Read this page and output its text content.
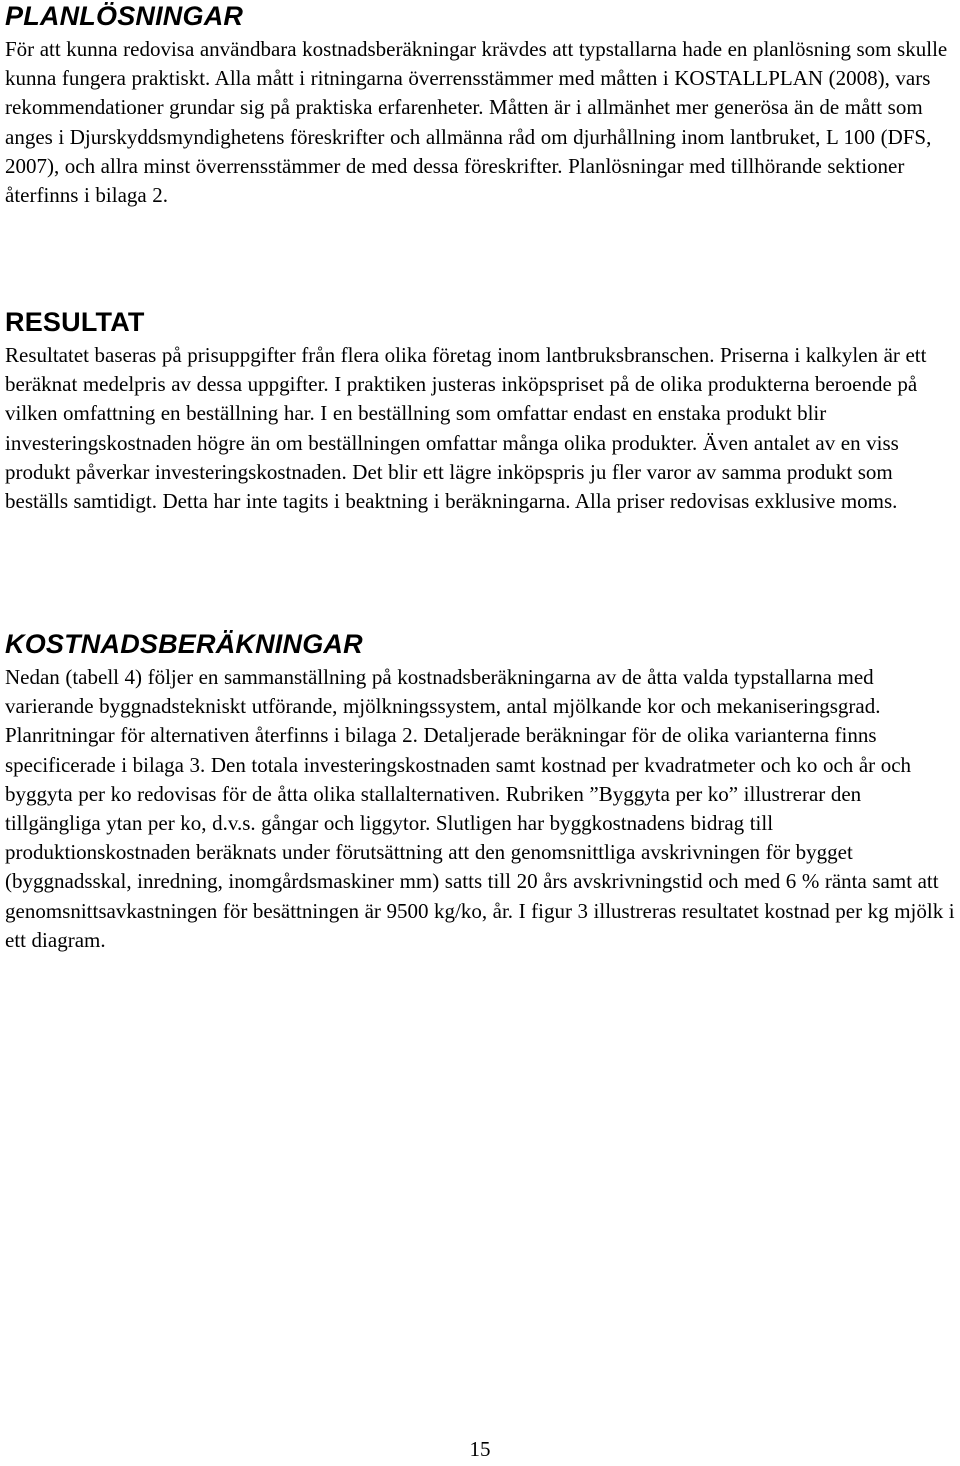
PLANLÖSNINGAR

För att kunna redovisa användbara kostnadsberäkningar krävdes att typstallarna hade en planlösning som skulle kunna fungera praktiskt. Alla mått i ritningarna överrensstämmer med måtten i KOSTALLPLAN (2008), vars rekommendationer grundar sig på praktiska erfarenheter. Måtten är i allmänhet mer generösa än de mått som anges i Djurskyddsmyndighetens föreskrifter och allmänna råd om djurhållning inom lantbruket, L 100 (DFS, 2007), och allra minst överrensstämmer de med dessa föreskrifter. Planlösningar med tillhörande sektioner återfinns i bilaga 2.

RESULTAT

Resultatet baseras på prisuppgifter från flera olika företag inom lantbruksbranschen. Priserna i kalkylen är ett beräknat medelpris av dessa uppgifter. I praktiken justeras inköpspriset på de olika produkterna beroende på vilken omfattning en beställning har. I en beställning som omfattar endast en enstaka produkt blir investeringskostnaden högre än om beställningen omfattar många olika produkter. Även antalet av en viss produkt påverkar investeringskostnaden. Det blir ett lägre inköpspris ju fler varor av samma produkt som beställs samtidigt. Detta har inte tagits i beaktning i beräkningarna. Alla priser redovisas exklusive moms.

KOSTNADSBERÄKNINGAR

Nedan (tabell 4) följer en sammanställning på kostnadsberäkningarna av de åtta valda typstallarna med varierande byggnadstekniskt utförande, mjölkningssystem, antal mjölkande kor och mekaniseringsgrad. Planritningar för alternativen återfinns i bilaga 2. Detaljerade beräkningar för de olika varianterna finns specificerade i bilaga 3. Den totala investeringskostnaden samt kostnad per kvadratmeter och ko och år och byggyta per ko redovisas för de åtta olika stallalternativen. Rubriken ”Byggyta per ko” illustrerar den tillgängliga ytan per ko, d.v.s. gångar och liggytor. Slutligen har byggkostnadens bidrag till produktionskostnaden beräknats under förutsättning att den genomsnittliga avskrivningen för bygget (byggnadsskal, inredning, inomgårdsmaskiner mm) satts till 20 års avskrivningstid och med 6 % ränta samt att genomsnittsavkastningen för besättningen är 9500 kg/ko, år. I figur 3 illustreras resultatet kostnad per kg mjölk i ett diagram.

15
